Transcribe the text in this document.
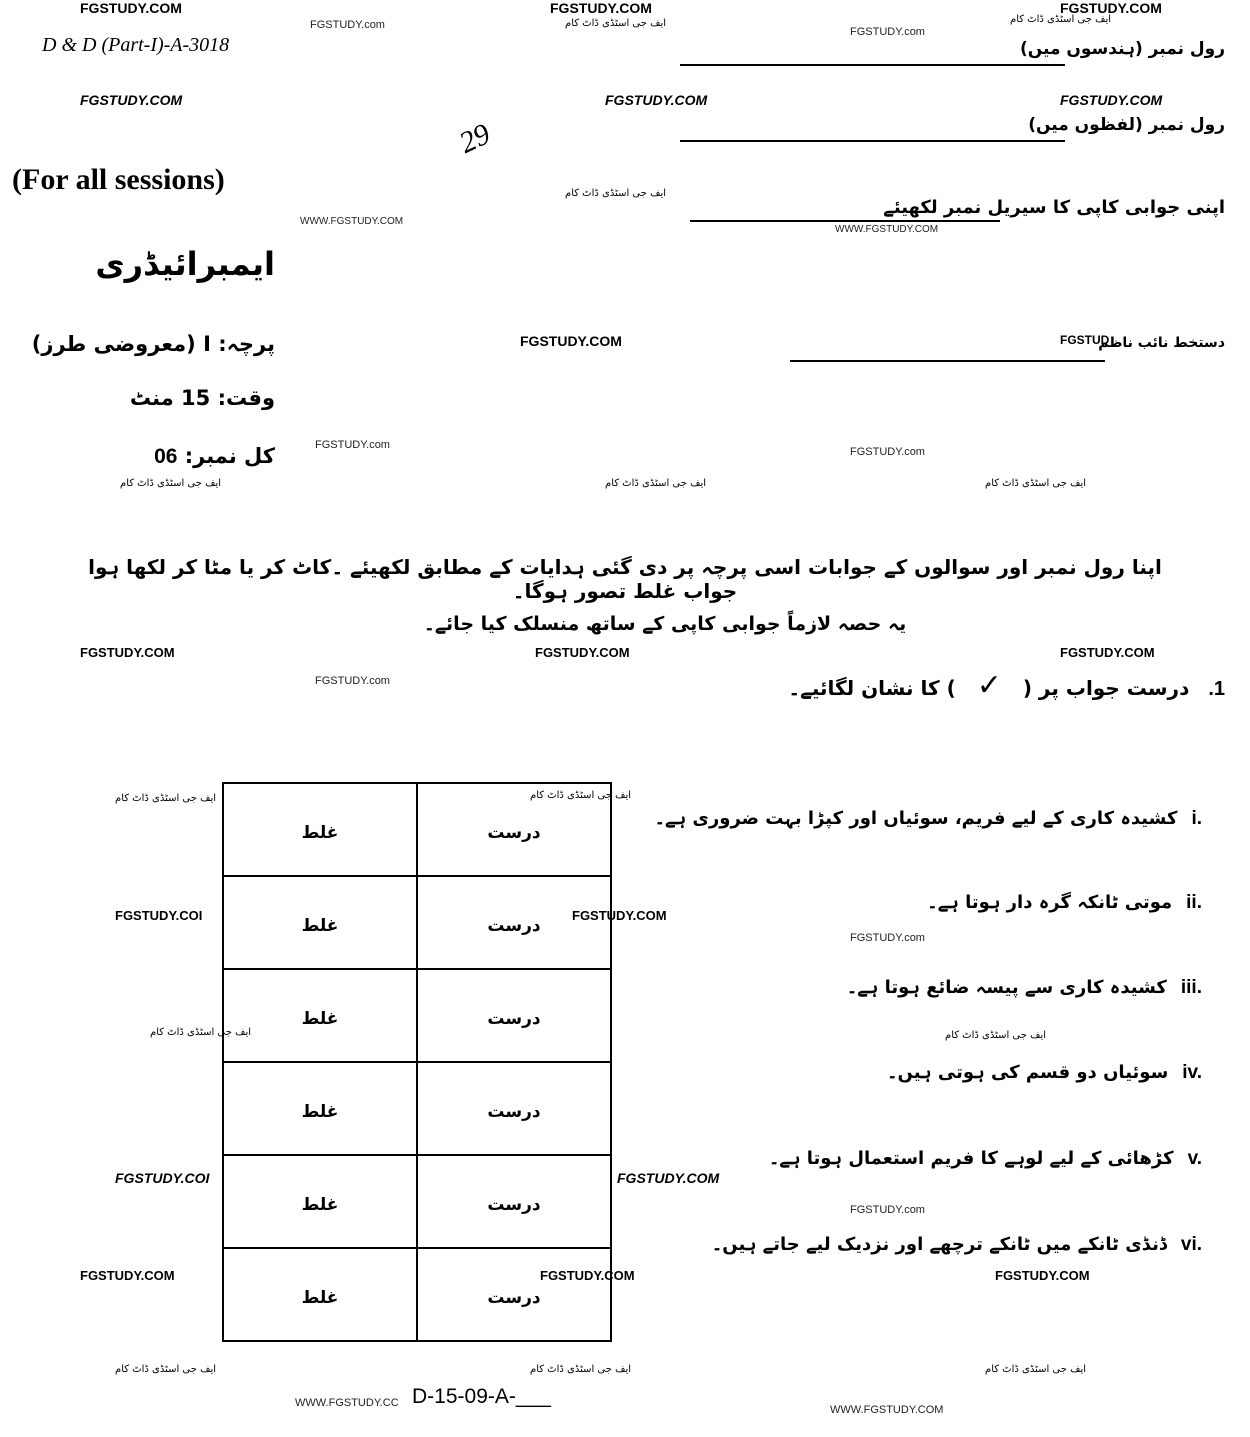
FGSTUDY.COM	FGSTUDY.COM	FGSTUDY.COM
FGSTUDY.com
FGSTUDY.com
ایف جی اسٹڈی ڈاٹ کام	ایف جی اسٹڈی ڈاٹ کام
FGSTUDY.COM	FGSTUDY.COM	FGSTUDY.COM
ایف جی اسٹڈی ڈاٹ کام
WWW.FGSTUDY.COM
WWW.FGSTUDY.COM
FGSTUDY.COM	FGSTUD
FGSTUDY.com
FGSTUDY.com
ایف جی اسٹڈی ڈاٹ کام	ایف جی اسٹڈی ڈاٹ کام	ایف جی اسٹڈی ڈاٹ کام
FGSTUDY.COM	FGSTUDY.COM	FGSTUDY.COM
FGSTUDY.com
ایف جی اسٹڈی ڈاٹ کام	ایف جی اسٹڈی ڈاٹ کام
FGSTUDY.COI	FGSTUDY.COM
FGSTUDY.com
ایف جی اسٹڈی ڈاٹ کام	ایف جی اسٹڈی ڈاٹ کام
FGSTUDY.COI	FGSTUDY.COM
FGSTUDY.com
FGSTUDY.COM	FGSTUDY.COM	FGSTUDY.COM
ایف جی اسٹڈی ڈاٹ کام	ایف جی اسٹڈی ڈاٹ کام	ایف جی اسٹڈی ڈاٹ کام
WWW.FGSTUDY.CC
WWW.FGSTUDY.COM
D & D (Part-I)-A-3018
(For all sessions)
29
ایمبرائیڈری
پرچہ: I (معروضی طرز)
وقت: 15 منٹ
کل نمبر: 06
رول نمبر (ہندسوں میں)
رول نمبر (لفظوں میں)
اپنی جوابی کاپی کا سیریل نمبر لکھیئے
دستخط نائب ناظم
اپنا رول نمبر اور سوالوں کے جوابات اسی پرچہ پر دی گئی ہدایات کے مطابق لکھیئے ۔کاٹ کر یا مٹا کر لکھا ہوا جواب غلط تصور ہوگا۔
یہ حصہ لازماً جوابی کاپی کے ساتھ منسلک کیا جائے۔
1. درست جواب پر ( ✓ ) کا نشان لگائیے۔
غلط	درست
غلط	درست
غلط	درست
غلط	درست
غلط	درست
غلط	درست
i.کشیدہ کاری کے لیے فریم، سوئیاں اور کپڑا بہت ضروری ہے۔
ii.موتی ٹانکہ گرہ دار ہوتا ہے۔
iii.کشیدہ کاری سے پیسہ ضائع ہوتا ہے۔
iv.سوئیاں دو قسم کی ہوتی ہیں۔
v.کڑھائی کے لیے لوہے کا فریم استعمال ہوتا ہے۔
vi.ڈنڈی ٹانکے میں ٹانکے ترچھے اور نزدیک لیے جاتے ہیں۔
D-15-09-A-___
